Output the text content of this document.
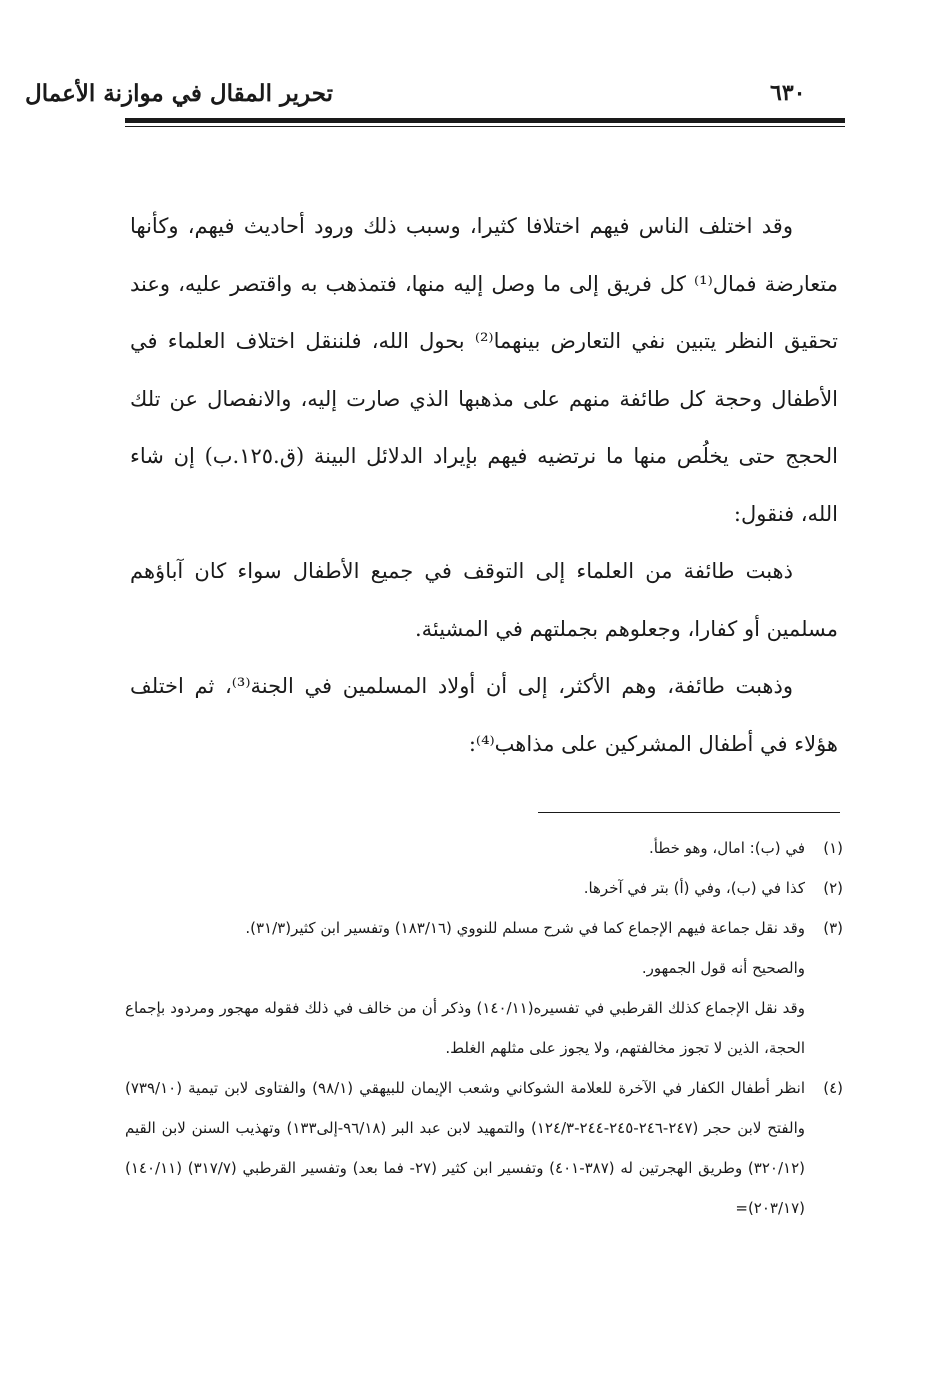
تحرير المقال في موازنة الأعمال	٦٣٠

وقد اختلف الناس فيهم اختلافا كثيرا، وسبب ذلك ورود أحاديث فيهم، وكأنها متعارضة فمال⁽¹⁾ كل فريق إلى ما وصل إليه منها، فتمذهب به واقتصر عليه، وعند تحقيق النظر يتبين نفي التعارض بينهما⁽²⁾ بحول الله، فلننقل اختلاف العلماء في الأطفال وحجة كل طائفة منهم على مذهبها الذي صارت إليه، والانفصال عن تلك الحجج حتى يخلُص منها ما نرتضيه فيهم بإيراد الدلائل البينة (ق.١٢٥.ب) إن شاء الله، فنقول:

ذهبت طائفة من العلماء إلى التوقف في جميع الأطفال سواء كان آباؤهم مسلمين أو كفارا، وجعلوهم بجملتهم في المشيئة.

وذهبت طائفة، وهم الأكثر، إلى أن أولاد المسلمين في الجنة⁽³⁾، ثم اختلف هؤلاء في أطفال المشركين على مذاهب⁽⁴⁾:

(١)
في (ب): امال، وهو خطأ.
(٢)
كذا في (ب)، وفي (أ) بتر في آخرها.
(٣)
وقد نقل جماعة فيهم الإجماع كما في شرح مسلم للنووي (١٨٣/١٦) وتفسير ابن كثير(٣١/٣).
والصحيح أنه قول الجمهور.
وقد نقل الإجماع كذلك القرطبي في تفسيره(١٤٠/١١) وذكر أن من خالف في ذلك فقوله مهجور ومردود بإجماع الحجة، الذين لا تجوز مخالفتهم، ولا يجوز على مثلهم الغلط.
(٤)
انظر أطفال الكفار في الآخرة للعلامة الشوكاني وشعب الإيمان للبيهقي (٩٨/١) والفتاوى لابن تيمية (٧٣٩/١٠) والفتح لابن حجر (٢٤٧-٢٤٦-٢٤٥-٢٤٤-١٢٤/٣) والتمهيد لابن عبد البر (٩٦/١٨-إلى١٣٣) وتهذيب السنن لابن القيم (٣٢٠/١٢) وطريق الهجرتين له (٣٨٧-٤٠١) وتفسير ابن كثير (٢٧- فما بعد) وتفسير القرطبي (٣١٧/٧) (١٤٠/١١) (٢٠٣/١٧)=
